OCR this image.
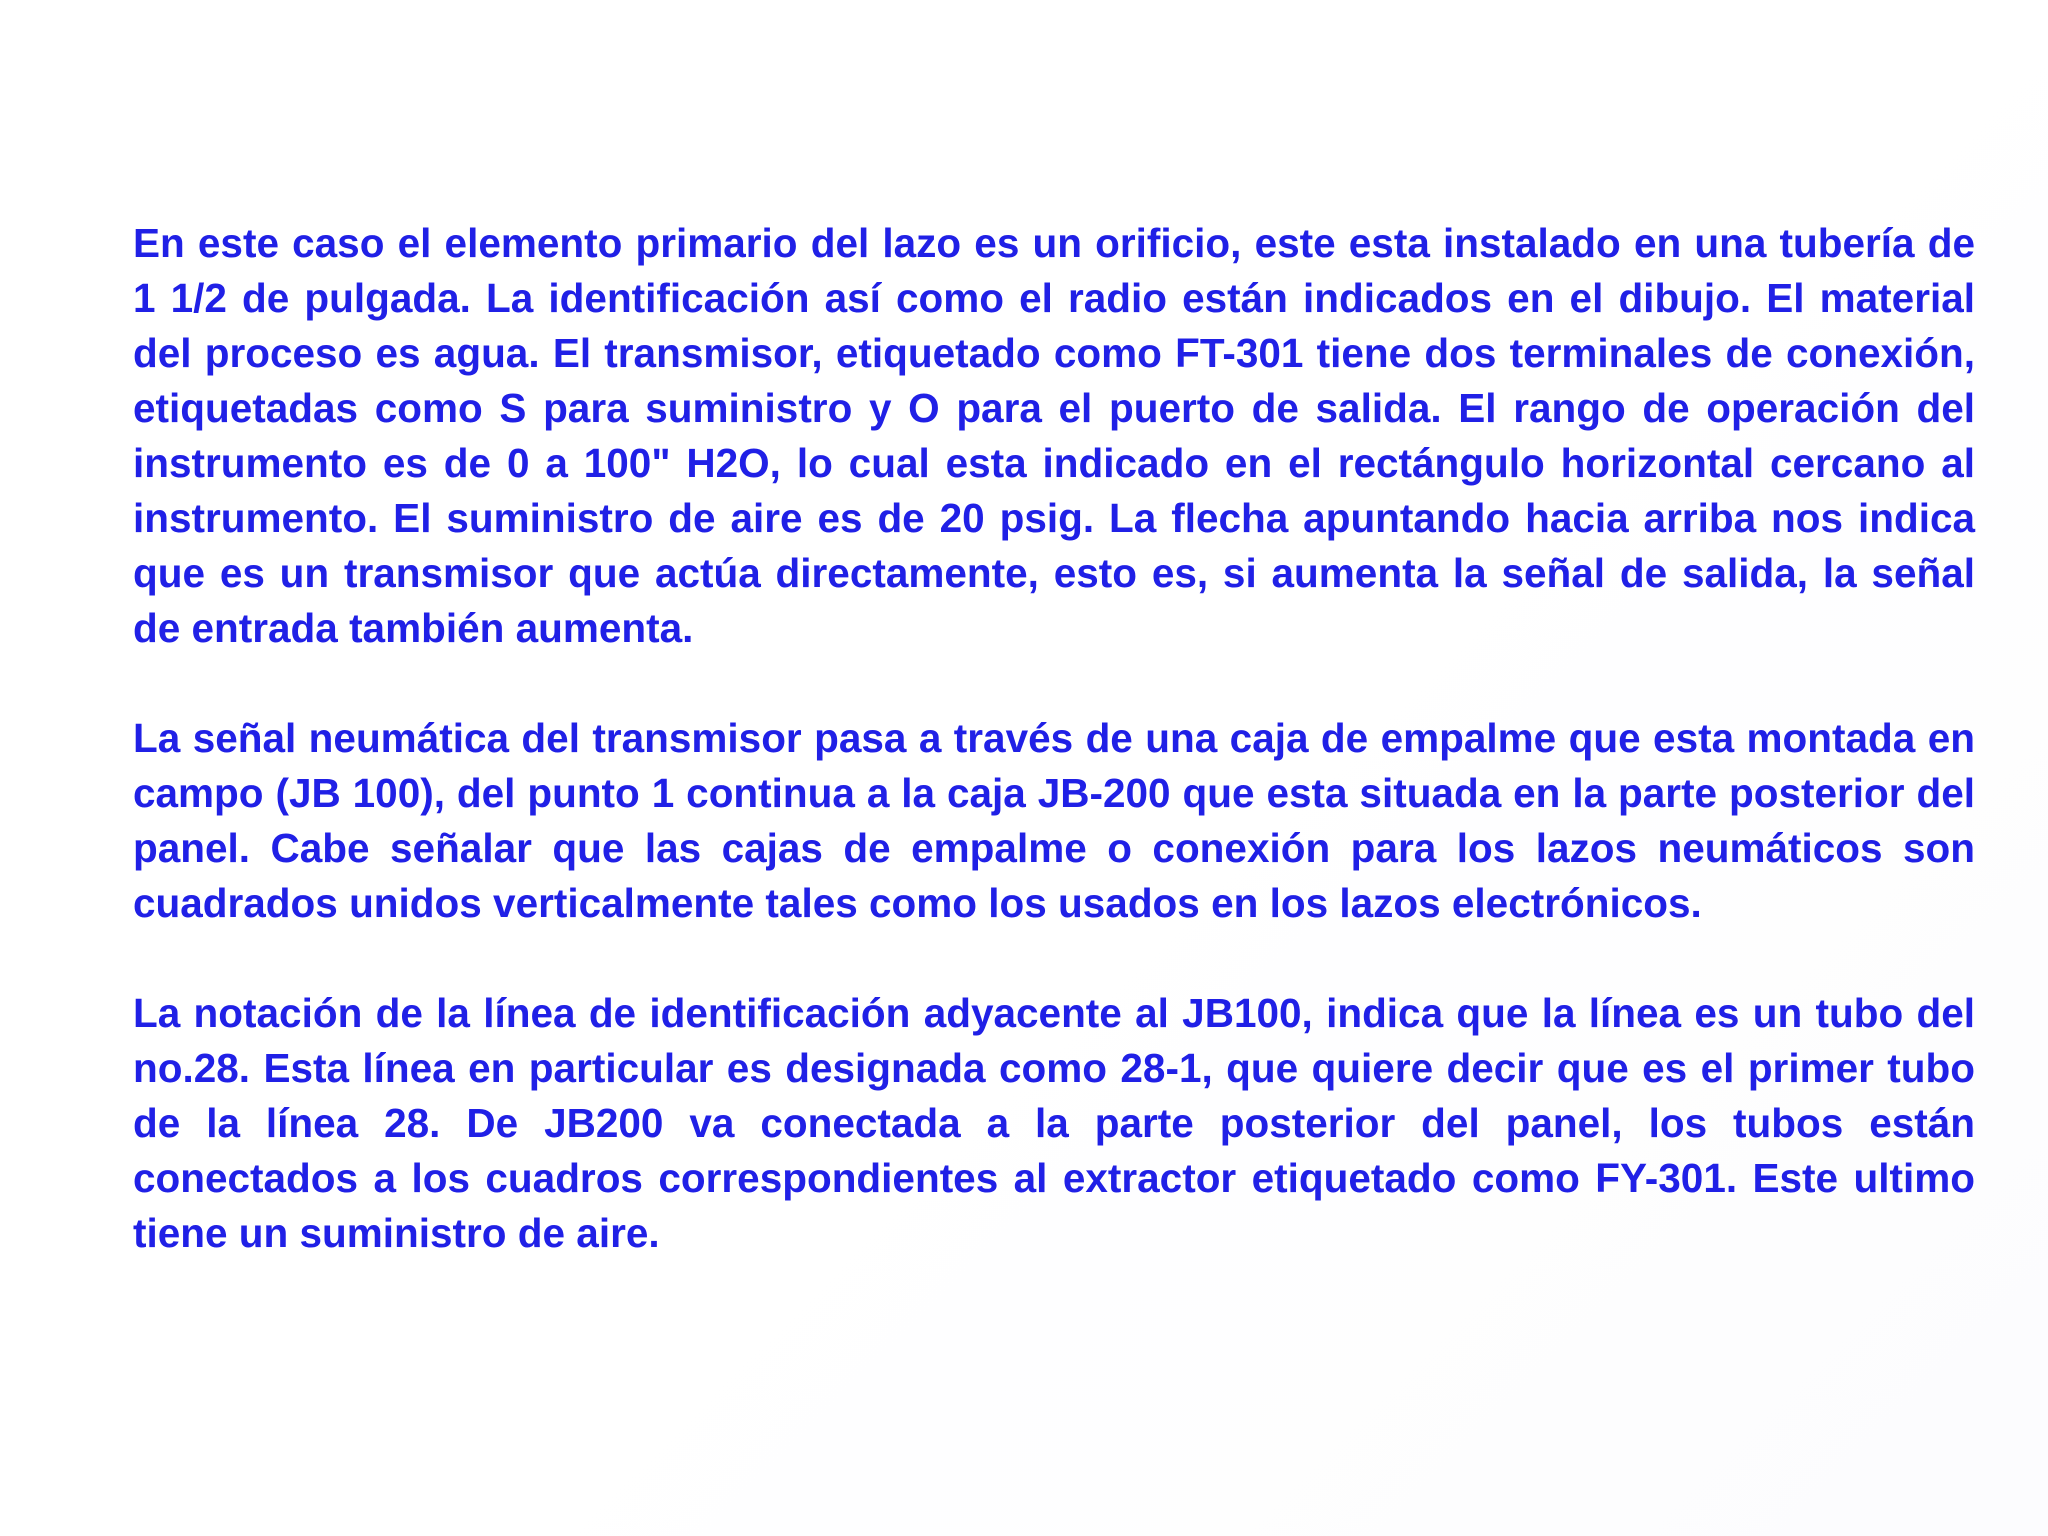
En este caso el elemento primario del lazo es un orificio, este esta instalado en una tubería de 1 1/2 de pulgada. La identificación así como el radio están indicados en el dibujo. El material del proceso es agua. El transmisor, etiquetado como FT-301 tiene dos terminales de conexión, etiquetadas como S para suministro y O para el puerto de salida. El rango de operación del instrumento es de 0 a 100" H2O, lo cual esta indicado en el rectángulo horizontal cercano al instrumento. El suministro de aire es de 20 psig. La flecha apuntando hacia arriba nos indica que es un transmisor que actúa directamente, esto es, si aumenta la señal de salida, la señal de entrada también aumenta.

La señal neumática del transmisor pasa a través de una caja de empalme que esta montada en campo (JB 100), del punto 1 continua a la caja JB-200 que esta situada en la parte posterior del panel. Cabe señalar que las cajas de empalme o conexión para los lazos neumáticos son cuadrados unidos verticalmente tales como los usados en los lazos electrónicos.

La notación de la línea de identificación adyacente al JB100, indica que la línea es un tubo del no.28. Esta línea en particular es designada como 28-1, que quiere decir que es el primer tubo de la línea 28. De JB200 va conectada a la parte posterior del panel, los tubos están conectados a los cuadros correspondientes al extractor etiquetado como FY-301. Este ultimo tiene un suministro de aire.
